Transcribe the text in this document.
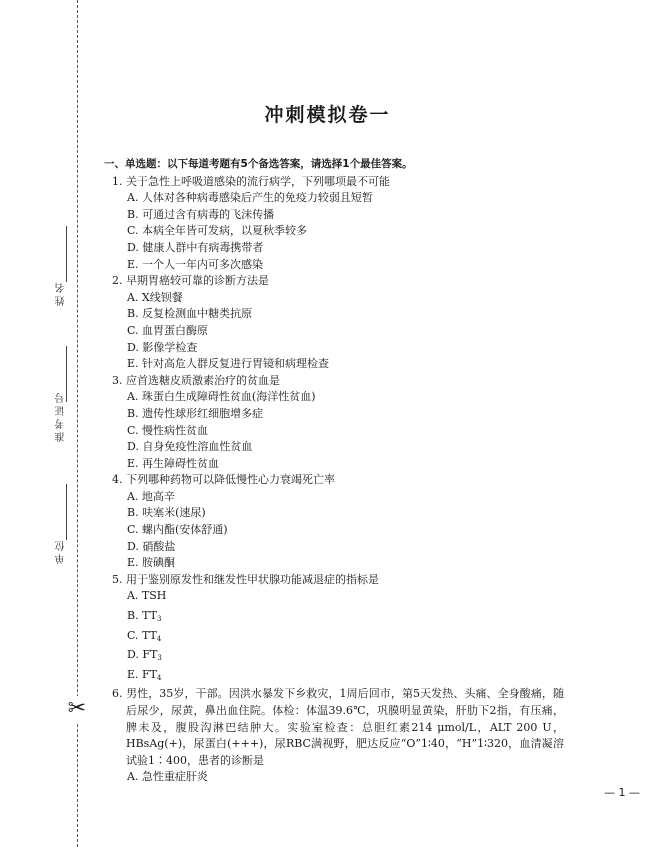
姓名
准考证号
单位
✂
冲刺模拟卷一
一、单选题：以下每道考题有5个备选答案，请选择1个最佳答案。
1. 关于急性上呼吸道感染的流行病学，下列哪项最不可能
A. 人体对各种病毒感染后产生的免疫力较弱且短暂
B. 可通过含有病毒的飞沫传播
C. 本病全年皆可发病，以夏秋季较多
D. 健康人群中有病毒携带者
E. 一个人一年内可多次感染
2. 早期胃癌较可靠的诊断方法是
A. X线钡餐
B. 反复检测血中糖类抗原
C. 血胃蛋白酶原
D. 影像学检查
E. 针对高危人群反复进行胃镜和病理检查
3. 应首选糖皮质激素治疗的贫血是
A. 珠蛋白生成障碍性贫血(海洋性贫血)
B. 遗传性球形红细胞增多症
C. 慢性病性贫血
D. 自身免疫性溶血性贫血
E. 再生障碍性贫血
4. 下列哪种药物可以降低慢性心力衰竭死亡率
A. 地高辛
B. 呋塞米(速尿)
C. 螺内酯(安体舒通)
D. 硝酸盐
E. 胺碘酮
5. 用于鉴别原发性和继发性甲状腺功能减退症的指标是
A. TSH
B. $TT_3$
C. $TT_4$
D. $FT_3$
E. $FT_4$
6. 男性，35岁，干部。因洪水暴发下乡救灾，1周后回市，第5天发热、头痛、全身酸痛，随后尿少，尿黄，鼻出血住院。体检：体温39.6℃，巩膜明显黄染，肝肋下2指，有压痛，脾未及，腹股沟淋巴结肿大。实验室检查：总胆红素214 μmol/L，ALT 200 U，HBsAg(+)，尿蛋白(+++)，尿RBC满视野，肥达反应“O”1∶40，“H”1∶320，血清凝溶试验1∶400，患者的诊断是
A. 急性重症肝炎
— 1 —
